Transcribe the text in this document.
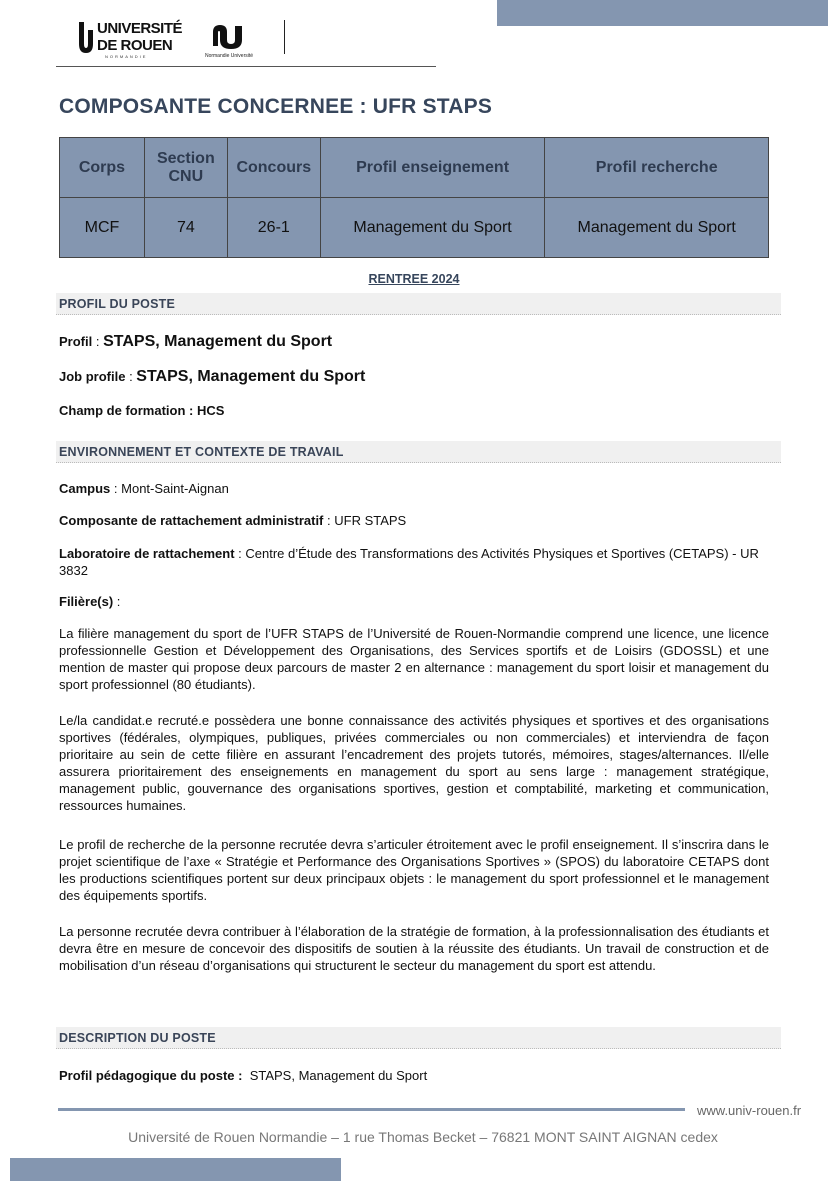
UNIVERSITÉ
DE ROUEN
NORMANDIE	Normandie Université
COMPOSANTE CONCERNEE : UFR STAPS
Corps	Section CNU	Concours	Profil enseignement	Profil recherche
MCF	74	26-1	Management du Sport	Management du Sport
RENTREE 2024
PROFIL DU POSTE
Profil : STAPS, Management du Sport
Job profile : STAPS, Management du Sport
Champ de formation : HCS
ENVIRONNEMENT ET CONTEXTE DE TRAVAIL
Campus : Mont-Saint-Aignan
Composante de rattachement administratif : UFR STAPS
Laboratoire de rattachement : Centre d’Étude des Transformations des Activités Physiques et Sportives (CETAPS) - UR 3832
Filière(s) :

La filière management du sport de l’UFR STAPS de l’Université de Rouen-Normandie comprend une licence, une licence professionnelle Gestion et Développement des Organisations, des Services sportifs et de Loisirs (GDOSSL) et une mention de master qui propose deux parcours de master 2 en alternance : management du sport loisir et management du sport professionnel (80 étudiants).

Le/la candidat.e recruté.e possèdera une bonne connaissance des activités physiques et sportives et des organisations sportives (fédérales, olympiques, publiques, privées commerciales ou non commerciales) et interviendra de façon prioritaire au sein de cette filière en assurant l’encadrement des projets tutorés, mémoires, stages/alternances. Il/elle assurera prioritairement des enseignements en management du sport au sens large : management stratégique, management public, gouvernance des organisations sportives, gestion et comptabilité, marketing et communication, ressources humaines.

Le profil de recherche de la personne recrutée devra s’articuler étroitement avec le profil enseignement. Il s’inscrira dans le projet scientifique de l’axe « Stratégie et Performance des Organisations Sportives » (SPOS) du laboratoire CETAPS dont les productions scientifiques portent sur deux principaux objets : le management du sport professionnel et le management des équipements sportifs.

La personne recrutée devra contribuer à l’élaboration de la stratégie de formation, à la professionnalisation des étudiants et devra être en mesure de concevoir des dispositifs de soutien à la réussite des étudiants. Un travail de construction et de mobilisation d’un réseau d’organisations qui structurent le secteur du management du sport est attendu.

DESCRIPTION DU POSTE
Profil pédagogique du poste : STAPS, Management du Sport
www.univ-rouen.fr
Université de Rouen Normandie – 1 rue Thomas Becket – 76821 MONT SAINT AIGNAN cedex
